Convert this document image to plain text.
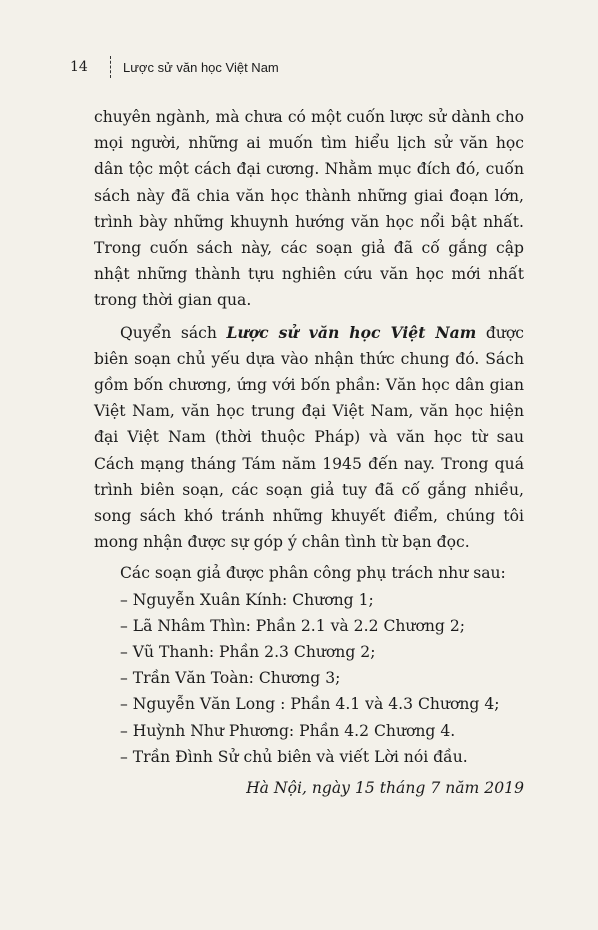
14	Lược sử văn học Việt Nam

chuyên ngành, mà chưa có một cuốn lược sử dành cho mọi người, những ai muốn tìm hiểu lịch sử văn học dân tộc một cách đại cương. Nhằm mục đích đó, cuốn sách này đã chia văn học thành những giai đoạn lớn, trình bày những khuynh hướng văn học nổi bật nhất. Trong cuốn sách này, các soạn giả đã cố gắng cập nhật những thành tựu nghiên cứu văn học mới nhất trong thời gian qua.

Quyển sách Lược sử văn học Việt Nam được biên soạn chủ yếu dựa vào nhận thức chung đó. Sách gồm bốn chương, ứng với bốn phần: Văn học dân gian Việt Nam, văn học trung đại Việt Nam, văn học hiện đại Việt Nam (thời thuộc Pháp) và văn học từ sau Cách mạng tháng Tám năm 1945 đến nay. Trong quá trình biên soạn, các soạn giả tuy đã cố gắng nhiều, song sách khó tránh những khuyết điểm, chúng tôi mong nhận được sự góp ý chân tình từ bạn đọc.

Các soạn giả được phân công phụ trách như sau:

– Nguyễn Xuân Kính: Chương 1;
– Lã Nhâm Thìn: Phần 2.1 và 2.2 Chương 2;
– Vũ Thanh: Phần 2.3 Chương 2;
– Trần Văn Toàn: Chương 3;
– Nguyễn Văn Long : Phần 4.1 và 4.3 Chương 4;
– Huỳnh Như Phương: Phần 4.2 Chương 4.
– Trần Đình Sử chủ biên và viết Lời nói đầu.

Hà Nội, ngày 15 tháng 7 năm 2019
